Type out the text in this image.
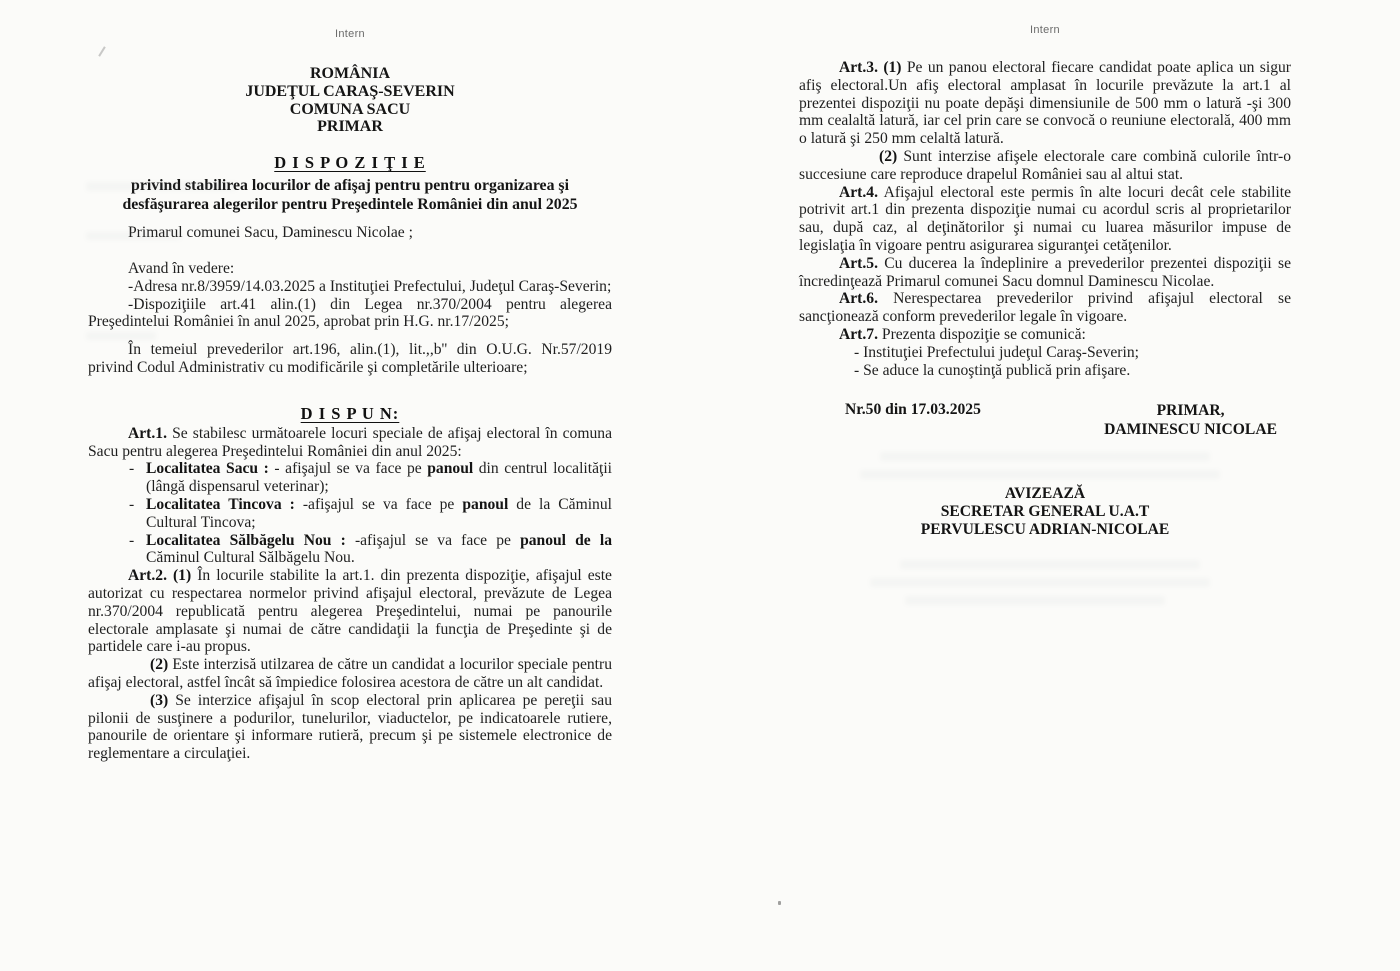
Intern
ROMÂNIA
JUDEŢUL CARAŞ-SEVERIN
COMUNA SACU
PRIMAR
D I S P O Z I Ţ I E
privind stabilirea locurilor de afişaj pentru pentru organizarea şi
desfăşurarea alegerilor pentru Preşedintele României din anul 2025

Primarul comunei Sacu, Daminescu Nicolae ;

Avand în vedere:

-Adresa nr.8/3959/14.03.2025 a Instituţiei Prefectului, Judeţul Caraş-Severin;

-Dispoziţiile art.41 alin.(1) din Legea nr.370/2004 pentru alegerea Preşedintelui României în anul 2025, aprobat prin H.G. nr.17/2025;

În temeiul prevederilor art.196, alin.(1), lit.,,b'' din O.U.G. Nr.57/2019 privind Codul Administrativ cu modificările şi completările ulterioare;

D I S P U N:

Art.1. Se stabilesc următoarele locuri speciale de afişaj electoral în comuna Sacu pentru alegerea Preşedintelui României din anul 2025:

- Localitatea Sacu : - afişajul se va face pe panoul din centrul localităţii (lângă dispensarul veterinar);

- Localitatea Tincova : -afişajul se va face pe panoul de la Căminul Cultural Tincova;

- Localitatea Sălbăgelu Nou : -afişajul se va face pe panoul de la Căminul Cultural Sălbăgelu Nou.

Art.2. (1) În locurile stabilite la art.1. din prezenta dispoziţie, afişajul este autorizat cu respectarea normelor privind afişajul electoral, prevăzute de Legea nr.370/2004 republicată pentru alegerea Preşedintelui, numai pe panourile electorale amplasate şi numai de către candidaţii la funcţia de Preşedinte şi de partidele care i-au propus.

(2) Este interzisă utilzarea de către un candidat a locurilor speciale pentru afişaj electoral, astfel încât să împiedice folosirea acestora de către un alt candidat.

(3) Se interzice afişajul în scop electoral prin aplicarea pe pereţii sau pilonii de susţinere a podurilor, tunelurilor, viaductelor, pe indicatoarele rutiere, panourile de orientare şi informare rutieră, precum şi pe sistemele electronice de reglementare a circulaţiei.

Intern

Art.3. (1) Pe un panou electoral fiecare candidat poate aplica un sigur afiş electoral.Un afiş electoral amplasat în locurile prevăzute la art.1 al prezentei dispoziţii nu poate depăşi dimensiunile de 500 mm o latură -şi 300 mm cealaltă latură, iar cel prin care se convocă o reuniune electorală, 400 mm o latură şi 250 mm celaltă latură.

(2) Sunt interzise afişele electorale care combină culorile într-o succesiune care reproduce drapelul României sau al altui stat.

Art.4. Afişajul electoral este permis în alte locuri decât cele stabilite potrivit art.1 din prezenta dispoziţie numai cu acordul scris al proprietarilor sau, după caz, al deţinătorilor şi numai cu luarea măsurilor impuse de legislaţia în vigoare pentru asigurarea siguranţei cetăţenilor.

Art.5. Cu ducerea la îndeplinire a prevederilor prezentei dispoziţii se încredinţează Primarul comunei Sacu domnul Daminescu Nicolae.

Art.6. Nerespectarea prevederilor privind afişajul electoral se sancţionează conform prevederilor legale în vigoare.

Art.7. Prezenta dispoziţie se comunică:

- Instituţiei Prefectului judeţul Caraş-Severin;

- Se aduce la cunoştinţă publică prin afişare.

Nr.50 din 17.03.2025	PRIMAR,
DAMINESCU NICOLAE
AVIZEAZĂ
SECRETAR GENERAL U.A.T
PERVULESCU ADRIAN-NICOLAE
